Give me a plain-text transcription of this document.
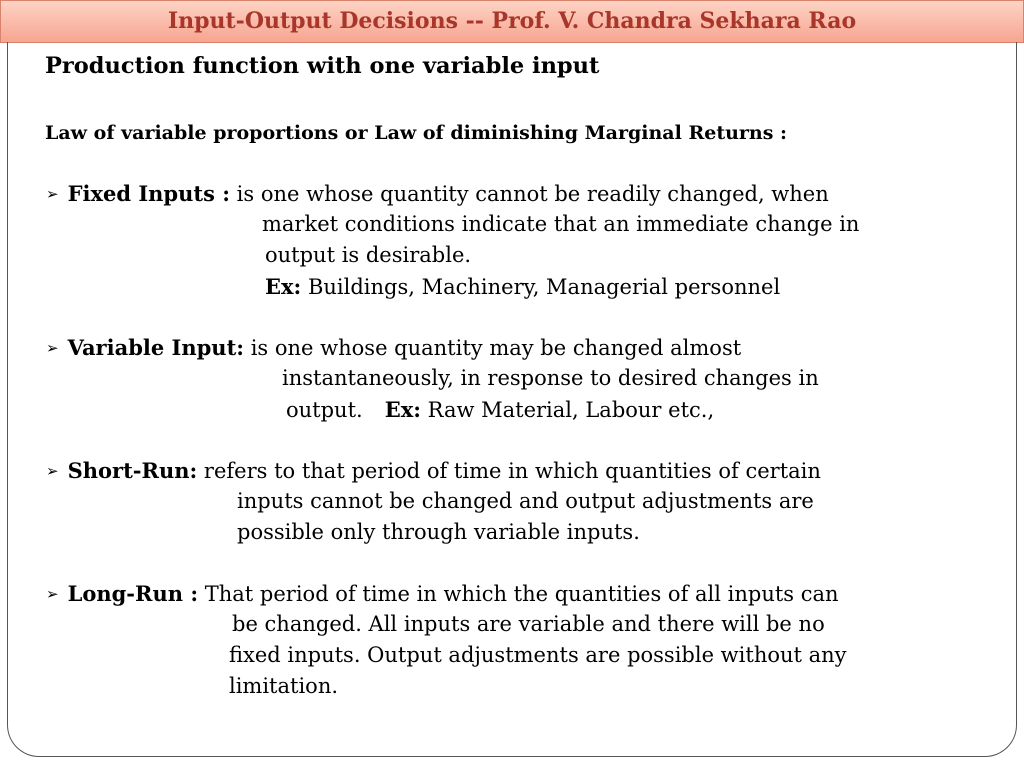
Input-Output Decisions -- Prof. V. Chandra Sekhara Rao
Production function with one variable input
Law of variable proportions or Law of diminishing Marginal Returns :
➢ Fixed Inputs : is one whose quantity cannot be readily changed, when
market conditions indicate that an immediate change in
output is desirable.
Ex: Buildings, Machinery, Managerial personnel
➢ Variable Input: is one whose quantity may be changed almost
instantaneously, in response to desired changes in
output. Ex: Raw Material, Labour etc.,
➢ Short-Run: refers to that period of time in which quantities of certain
inputs cannot be changed and output adjustments are
possible only through variable inputs.
➢ Long-Run : That period of time in which the quantities of all inputs can
be changed. All inputs are variable and there will be no
fixed inputs. Output adjustments are possible without any
limitation.
